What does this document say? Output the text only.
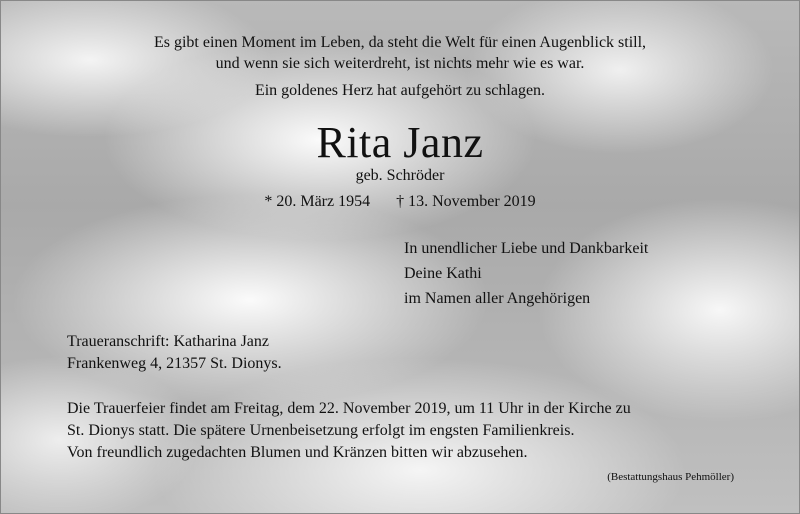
Es gibt einen Moment im Leben, da steht die Welt für einen Augenblick still,
und wenn sie sich weiterdreht, ist nichts mehr wie es war.
Ein goldenes Herz hat aufgehört zu schlagen.
Rita Janz
geb. Schröder
* 20. März 1954 † 13. November 2019
In unendlicher Liebe und Dankbarkeit
Deine Kathi
im Namen aller Angehörigen
Traueranschrift: Katharina Janz
Frankenweg 4, 21357 St. Dionys.
Die Trauerfeier findet am Freitag, dem 22. November 2019, um 11 Uhr in der Kirche zu
St. Dionys statt. Die spätere Urnenbeisetzung erfolgt im engsten Familienkreis.
Von freundlich zugedachten Blumen und Kränzen bitten wir abzusehen.
(Bestattungshaus Pehmöller)
